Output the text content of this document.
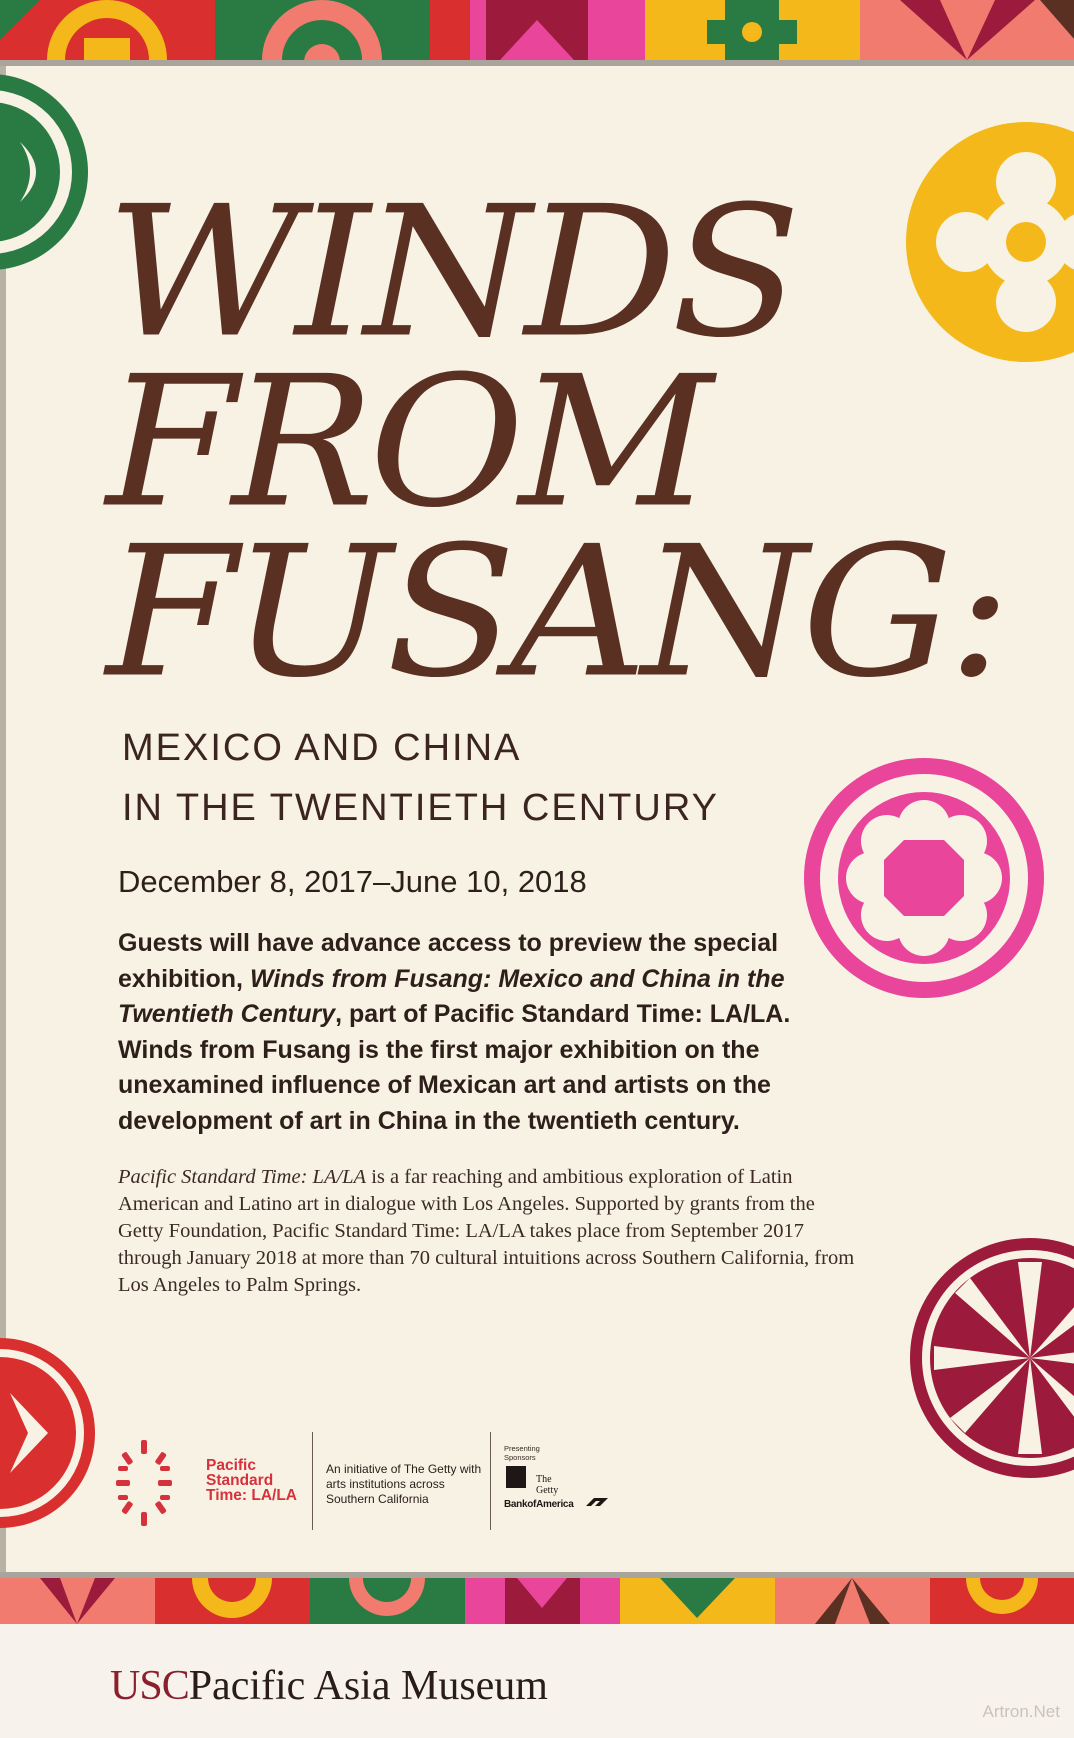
WINDS
FROM
FUSANG:
MEXICO AND CHINA
IN THE TWENTIETH CENTURY
December 8, 2017–June 10, 2018

Guests will have advance access to preview the special exhibition, Winds from Fusang: Mexico and China in the Twentieth Century, part of Pacific Standard Time: LA/LA. Winds from Fusang is the first major exhibition on the unexamined influence of Mexican art and artists on the development of art in China in the twentieth century.

Pacific Standard Time: LA/LA is a far reaching and ambitious exploration of Latin American and Latino art in dialogue with Los Angeles. Supported by grants from the Getty Foundation, Pacific Standard Time: LA/LA takes place from September 2017 through January 2018 at more than 70 cultural intuitions across Southern California, from Los Angeles to Palm Springs.

Pacific
Standard
Time: LA/LA
An initiative of The Getty with arts institutions across Southern California
Presenting Sponsors
The Getty
BankofAmerica
USCPacific Asia Museum
Artron.Net
